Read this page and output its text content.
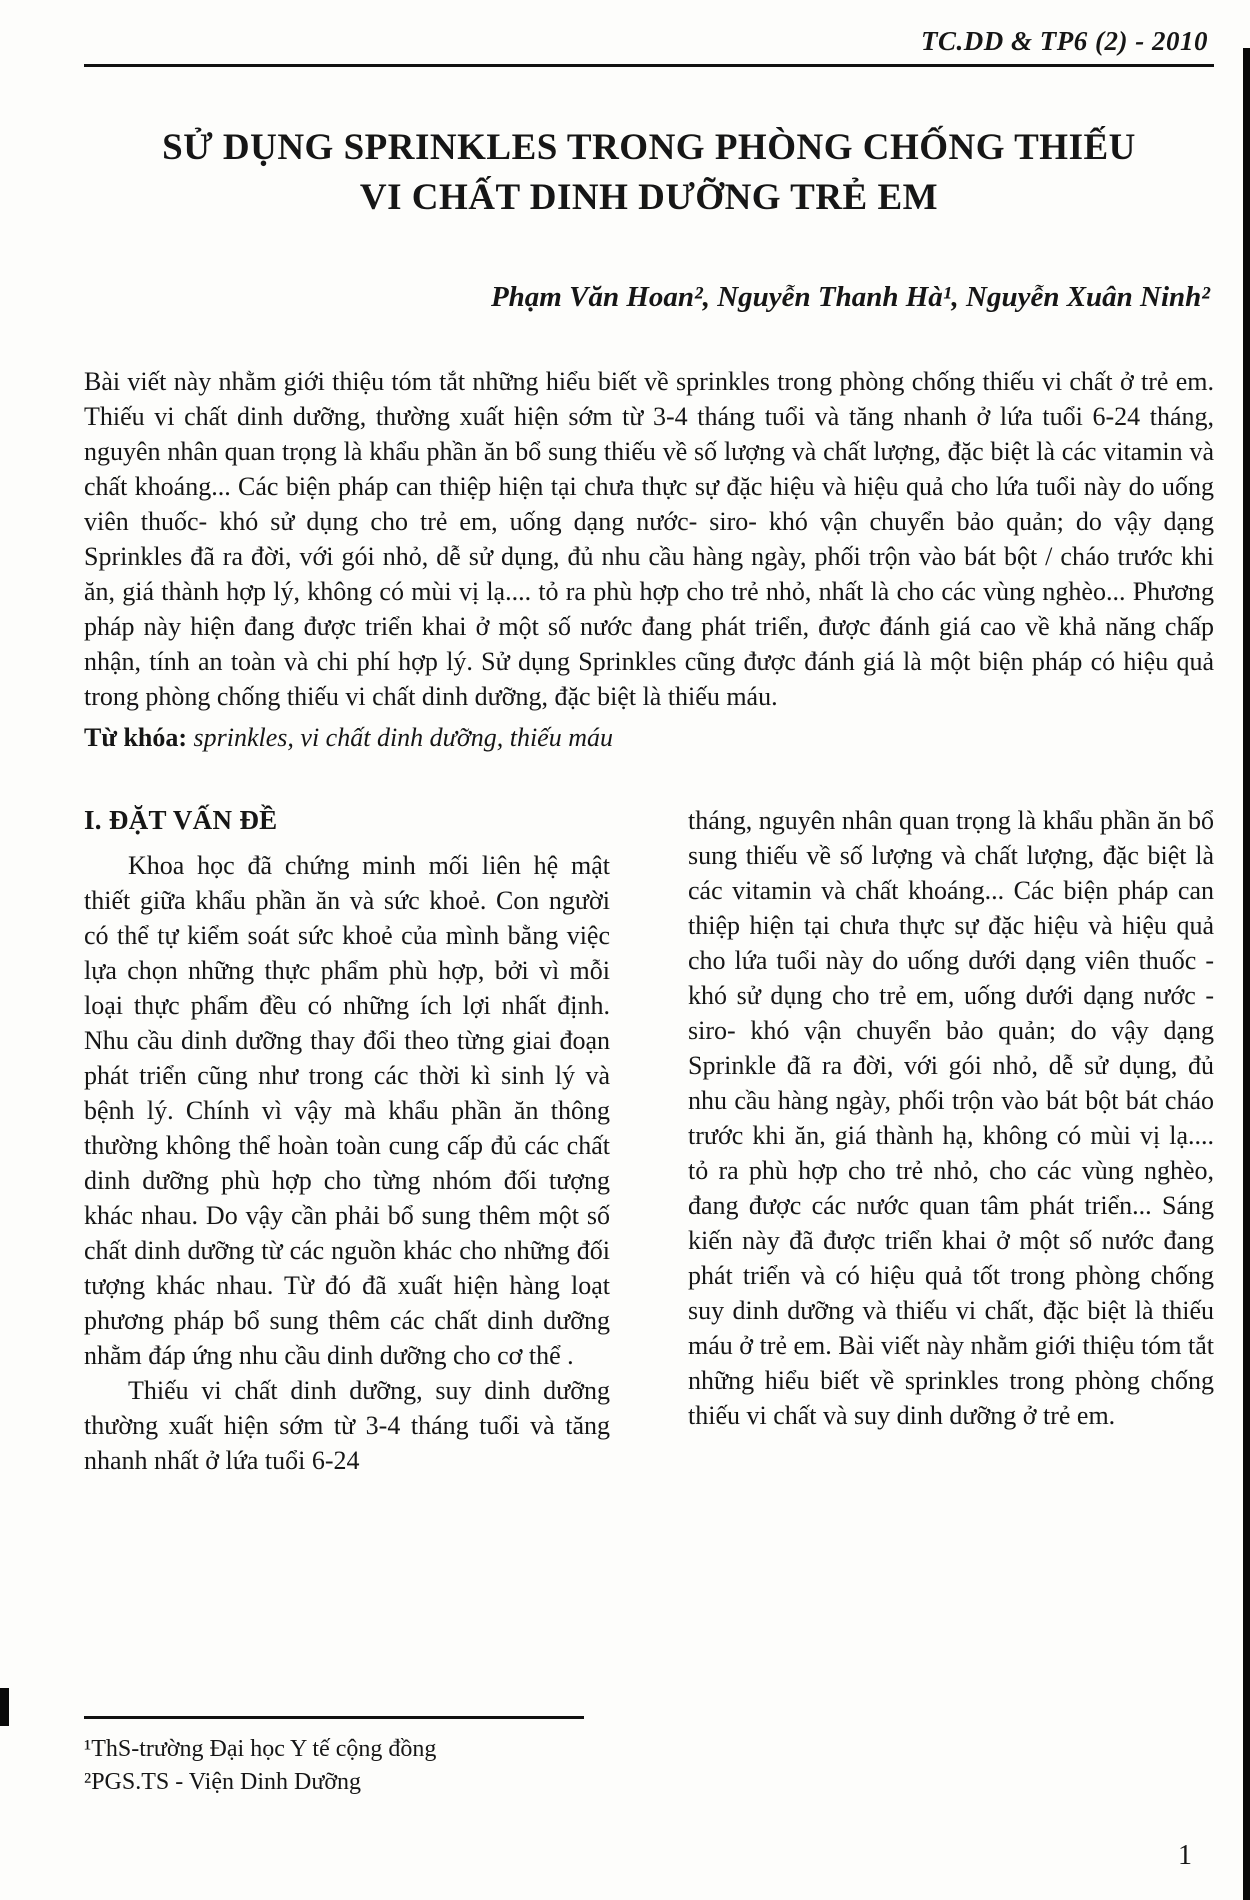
TC.DD & TP6 (2) - 2010
SỬ DỤNG SPRINKLES TRONG PHÒNG CHỐNG THIẾU
VI CHẤT DINH DƯỠNG TRẺ EM
Phạm Văn Hoan², Nguyễn Thanh Hà¹, Nguyễn Xuân Ninh²

Bài viết này nhằm giới thiệu tóm tắt những hiểu biết về sprinkles trong phòng chống thiếu vi chất ở trẻ em. Thiếu vi chất dinh dưỡng, thường xuất hiện sớm từ 3-4 tháng tuổi và tăng nhanh ở lứa tuổi 6-24 tháng, nguyên nhân quan trọng là khẩu phần ăn bổ sung thiếu về số lượng và chất lượng, đặc biệt là các vitamin và chất khoáng... Các biện pháp can thiệp hiện tại chưa thực sự đặc hiệu và hiệu quả cho lứa tuổi này do uống viên thuốc- khó sử dụng cho trẻ em, uống dạng nước- siro- khó vận chuyển bảo quản; do vậy dạng Sprinkles đã ra đời, với gói nhỏ, dễ sử dụng, đủ nhu cầu hàng ngày, phối trộn vào bát bột / cháo trước khi ăn, giá thành hợp lý, không có mùi vị lạ.... tỏ ra phù hợp cho trẻ nhỏ, nhất là cho các vùng nghèo... Phương pháp này hiện đang được triển khai ở một số nước đang phát triển, được đánh giá cao về khả năng chấp nhận, tính an toàn và chi phí hợp lý. Sử dụng Sprinkles cũng được đánh giá là một biện pháp có hiệu quả trong phòng chống thiếu vi chất dinh dưỡng, đặc biệt là thiếu máu.

Từ khóa: sprinkles, vi chất dinh dưỡng, thiếu máu

I. ĐẶT VẤN ĐỀ

Khoa học đã chứng minh mối liên hệ mật thiết giữa khẩu phần ăn và sức khoẻ. Con người có thể tự kiểm soát sức khoẻ của mình bằng việc lựa chọn những thực phẩm phù hợp, bởi vì mỗi loại thực phẩm đều có những ích lợi nhất định. Nhu cầu dinh dưỡng thay đổi theo từng giai đoạn phát triển cũng như trong các thời kì sinh lý và bệnh lý. Chính vì vậy mà khẩu phần ăn thông thường không thể hoàn toàn cung cấp đủ các chất dinh dưỡng phù hợp cho từng nhóm đối tượng khác nhau. Do vậy cần phải bổ sung thêm một số chất dinh dưỡng từ các nguồn khác cho những đối tượng khác nhau. Từ đó đã xuất hiện hàng loạt phương pháp bổ sung thêm các chất dinh dưỡng nhằm đáp ứng nhu cầu dinh dưỡng cho cơ thể .

Thiếu vi chất dinh dưỡng, suy dinh dưỡng thường xuất hiện sớm từ 3-4 tháng tuổi và tăng nhanh nhất ở lứa tuổi 6-24

tháng, nguyên nhân quan trọng là khẩu phần ăn bổ sung thiếu về số lượng và chất lượng, đặc biệt là các vitamin và chất khoáng... Các biện pháp can thiệp hiện tại chưa thực sự đặc hiệu và hiệu quả cho lứa tuổi này do uống dưới dạng viên thuốc - khó sử dụng cho trẻ em, uống dưới dạng nước - siro- khó vận chuyển bảo quản; do vậy dạng Sprinkle đã ra đời, với gói nhỏ, dễ sử dụng, đủ nhu cầu hàng ngày, phối trộn vào bát bột bát cháo trước khi ăn, giá thành hạ, không có mùi vị lạ.... tỏ ra phù hợp cho trẻ nhỏ, cho các vùng nghèo, đang được các nước quan tâm phát triển... Sáng kiến này đã được triển khai ở một số nước đang phát triển và có hiệu quả tốt trong phòng chống suy dinh dưỡng và thiếu vi chất, đặc biệt là thiếu máu ở trẻ em. Bài viết này nhằm giới thiệu tóm tắt những hiểu biết về sprinkles trong phòng chống thiếu vi chất và suy dinh dưỡng ở trẻ em.

¹ThS-trường Đại học Y tế cộng đồng
²PGS.TS - Viện Dinh Dưỡng
1
